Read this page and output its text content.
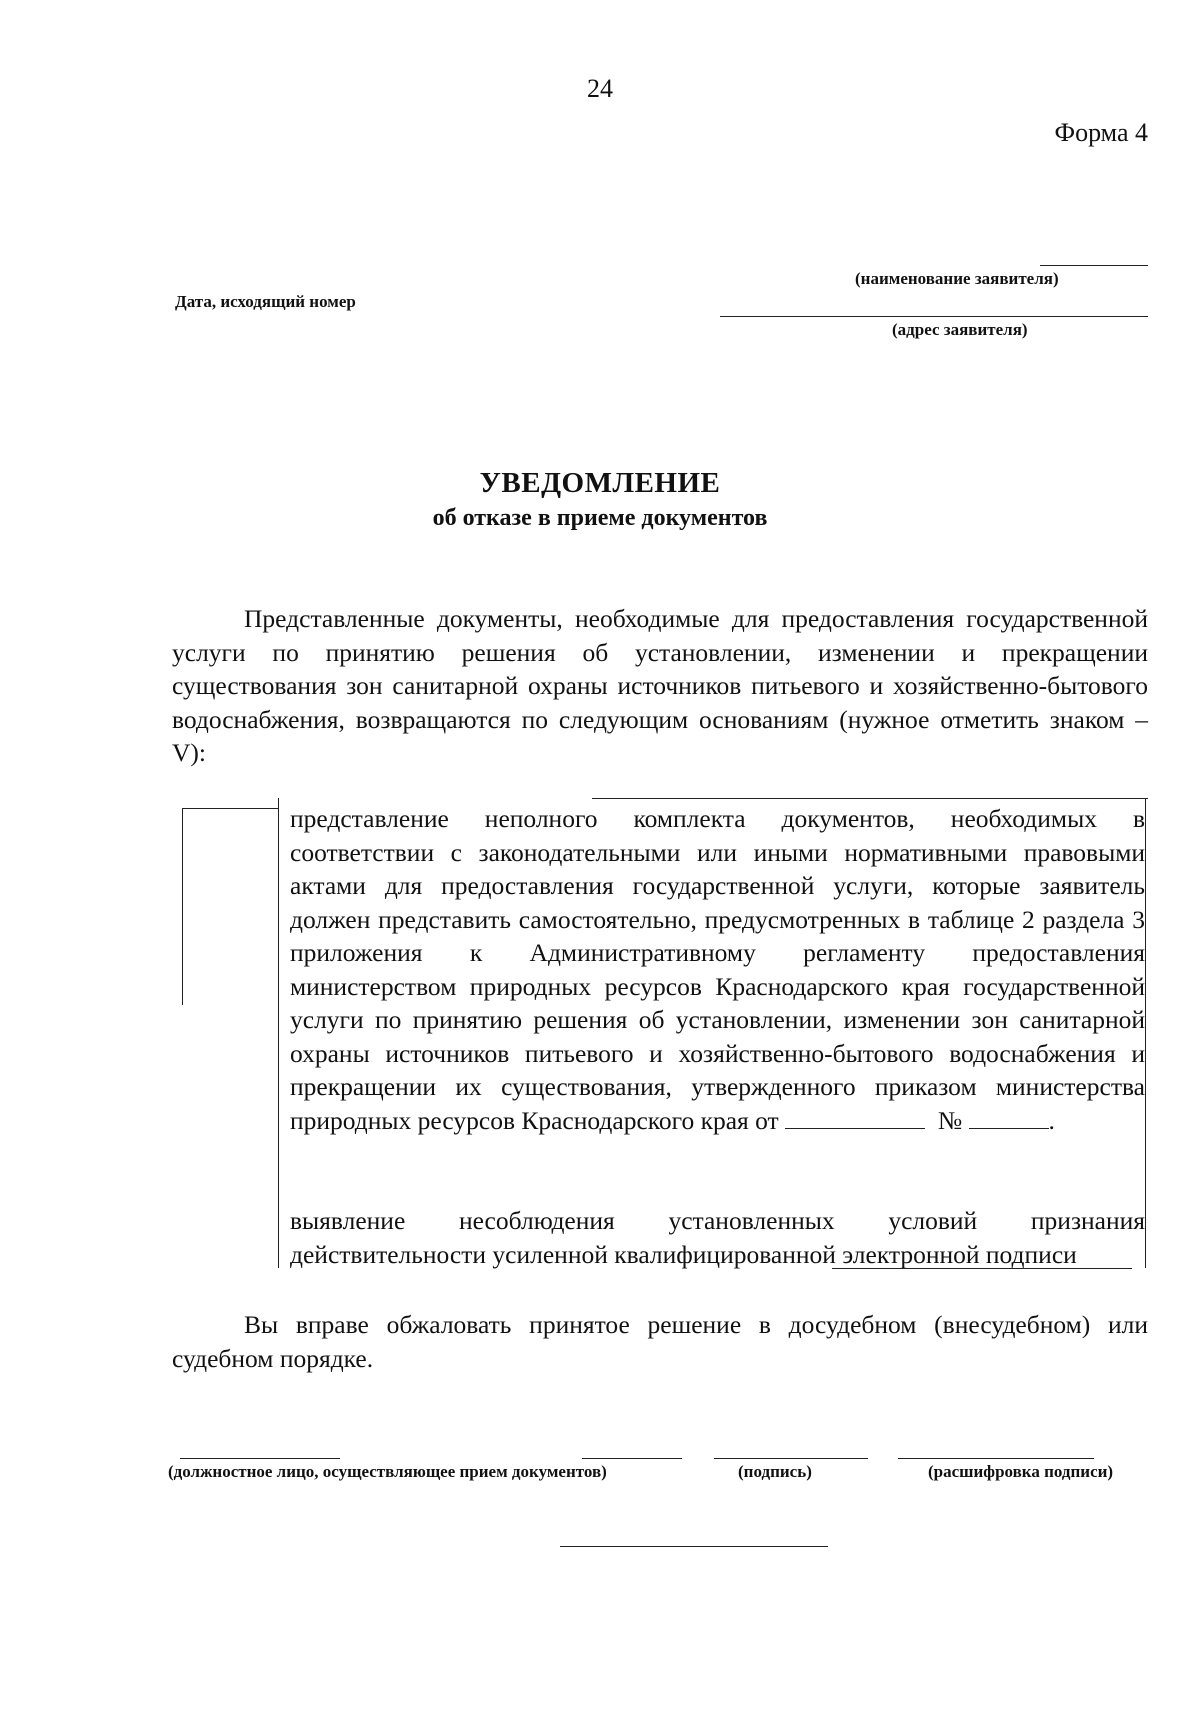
24
Форма 4
(наименование заявителя)
(адрес заявителя)
Дата, исходящий номер
УВЕДОМЛЕНИЕ
об отказе в приеме документов
Представленные документы, необходимые для предоставления государственной услуги по принятию решения об установлении, изменении и прекращении существования зон санитарной охраны источников питьевого и хозяйственно-бытового водоснабжения, возвращаются по следующим основаниям (нужное отметить знаком – V):
представление неполного комплекта документов, необходимых в соответствии с законодательными или иными нормативными правовыми актами для предоставления государственной услуги, которые заявитель должен представить самостоятельно, предусмотренных в таблице 2 раздела 3 приложения к Административному регламенту предоставления министерством природных ресурсов Краснодарского края государственной услуги по принятию решения об установлении, изменении зон санитарной охраны источников питьевого и хозяйственно-бытового водоснабжения и прекращении их существования, утвержденного приказом министерства природных ресурсов Краснодарского края от	№	.
выявление несоблюдения установленных условий признания действительности усиленной квалифицированной электронной подписи
Вы вправе обжаловать принятое решение в досудебном (внесудебном) или судебном порядке.
(должностное лицо, осуществляющее прием документов)	(подпись)	(расшифровка подписи)
